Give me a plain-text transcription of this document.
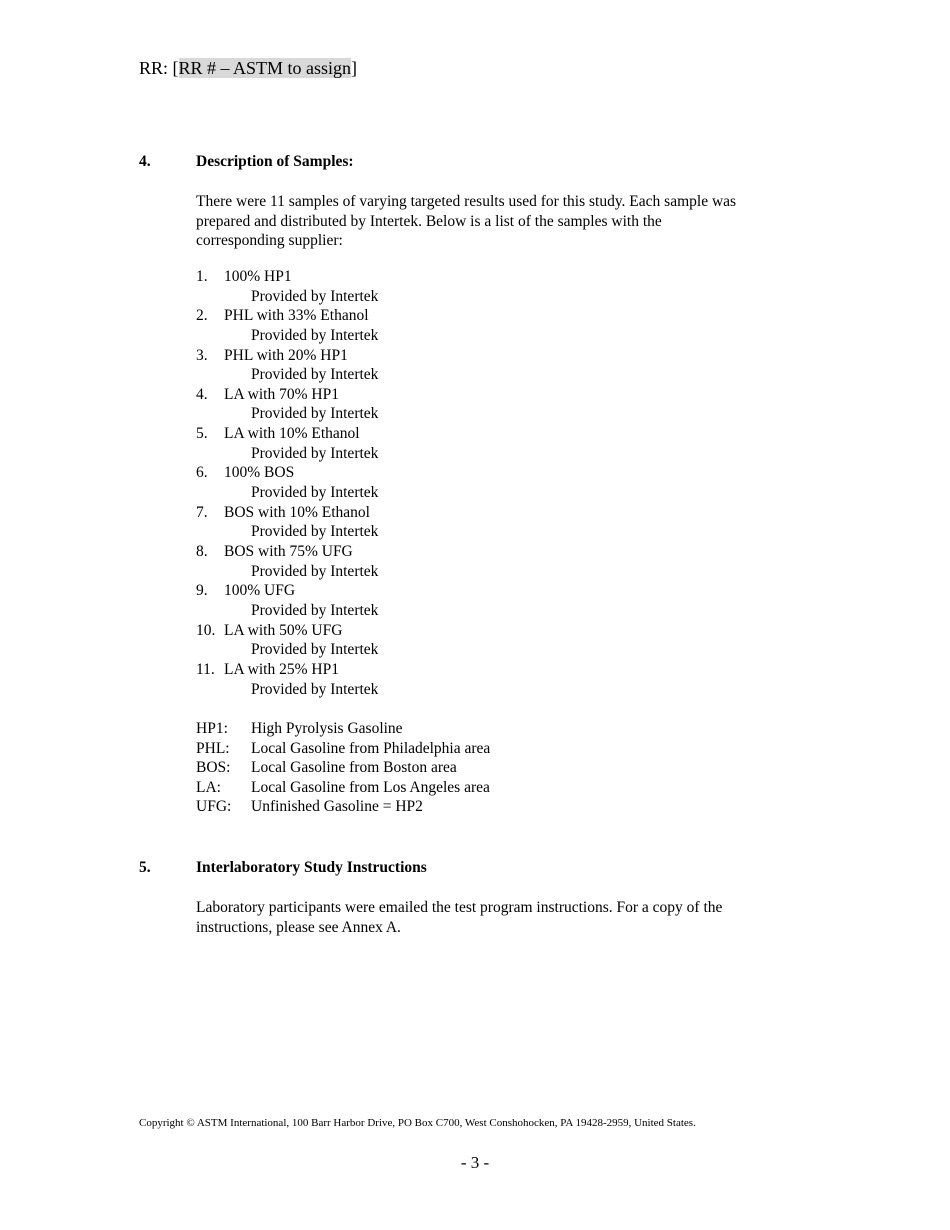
RR: [RR # – ASTM to assign]
4.	Description of Samples:
There were 11 samples of varying targeted results used for this study. Each sample was
prepared and distributed by Intertek. Below is a list of the samples with the
corresponding supplier:
1. 100% HP1
Provided by Intertek
2. PHL with 33% Ethanol
Provided by Intertek
3. PHL with 20% HP1
Provided by Intertek
4. LA with 70% HP1
Provided by Intertek
5. LA with 10% Ethanol
Provided by Intertek
6. 100% BOS
Provided by Intertek
7. BOS with 10% Ethanol
Provided by Intertek
8. BOS with 75% UFG
Provided by Intertek
9. 100% UFG
Provided by Intertek
10. LA with 50% UFG
Provided by Intertek
11. LA with 25% HP1
Provided by Intertek
HP1: High Pyrolysis Gasoline
PHL: Local Gasoline from Philadelphia area
BOS: Local Gasoline from Boston area
LA: Local Gasoline from Los Angeles area
UFG: Unfinished Gasoline = HP2
5.	Interlaboratory Study Instructions
Laboratory participants were emailed the test program instructions. For a copy of the
instructions, please see Annex A.
Copyright © ASTM International, 100 Barr Harbor Drive, PO Box C700, West Conshohocken, PA 19428-2959, United States.
- 3 -
